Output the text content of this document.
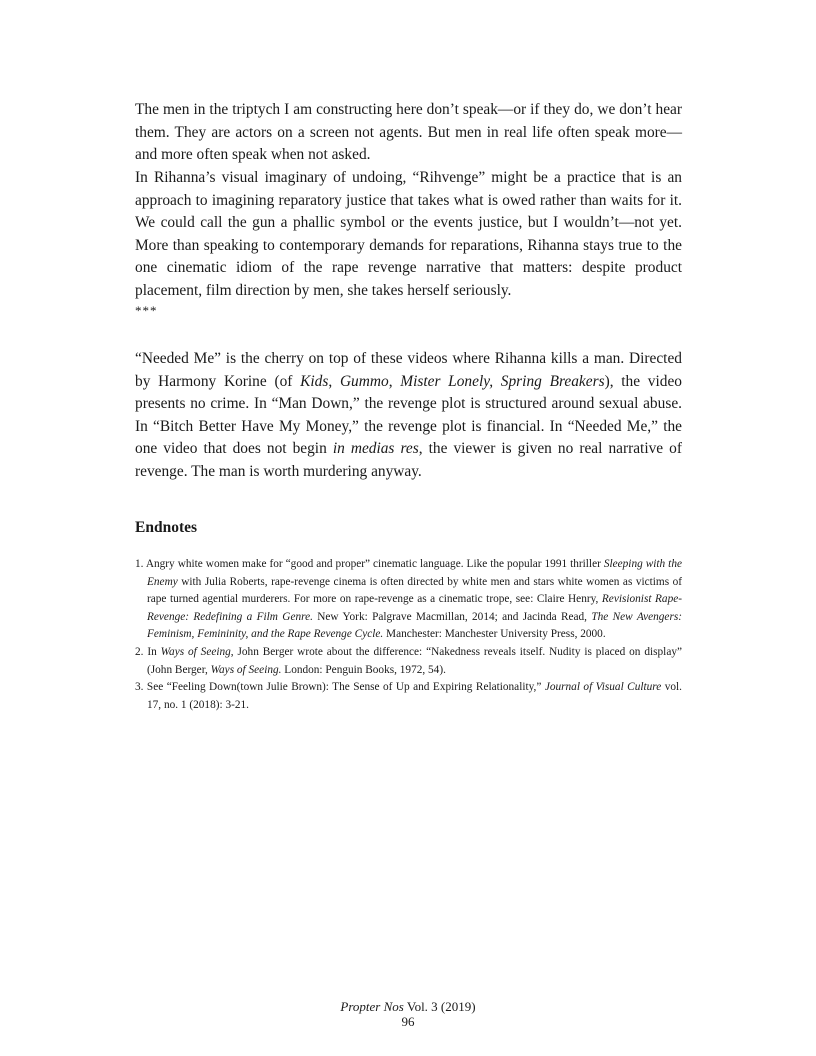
The men in the triptych I am constructing here don’t speak—or if they do, we don’t hear them. They are actors on a screen not agents. But men in real life often speak more—and more often speak when not asked.

In Rihanna’s visual imaginary of undoing, “Rihvenge” might be a practice that is an approach to imagining reparatory justice that takes what is owed rather than waits for it. We could call the gun a phallic symbol or the events justice, but I wouldn’t—not yet. More than speaking to contemporary demands for reparations, Rihanna stays true to the one cinematic idiom of the rape revenge narrative that matters: despite product placement, film direction by men, she takes herself seriously.

***

“Needed Me” is the cherry on top of these videos where Rihanna kills a man. Directed by Harmony Korine (of Kids, Gummo, Mister Lonely, Spring Breakers), the video presents no crime. In “Man Down,” the revenge plot is structured around sexual abuse. In “Bitch Better Have My Money,” the revenge plot is financial. In “Needed Me,” the one video that does not begin in medias res, the viewer is given no real narrative of revenge. The man is worth murdering anyway.

Endnotes
1. Angry white women make for “good and proper” cinematic language. Like the popular 1991 thriller Sleeping with the Enemy with Julia Roberts, rape-revenge cinema is often directed by white men and stars white women as victims of rape turned agential murderers. For more on rape-revenge as a cinematic trope, see: Claire Henry, Revisionist Rape-Revenge: Redefining a Film Genre. New York: Palgrave Macmillan, 2014; and Jacinda Read, The New Avengers: Feminism, Femininity, and the Rape Revenge Cycle. Manchester: Manchester University Press, 2000.
2. In Ways of Seeing, John Berger wrote about the difference: “Nakedness reveals itself. Nudity is placed on display” (John Berger, Ways of Seeing. London: Penguin Books, 1972, 54).
3. See “Feeling Down(town Julie Brown): The Sense of Up and Expiring Relationality,” Journal of Visual Culture vol. 17, no. 1 (2018): 3-21.
Propter Nos Vol. 3 (2019)
96
